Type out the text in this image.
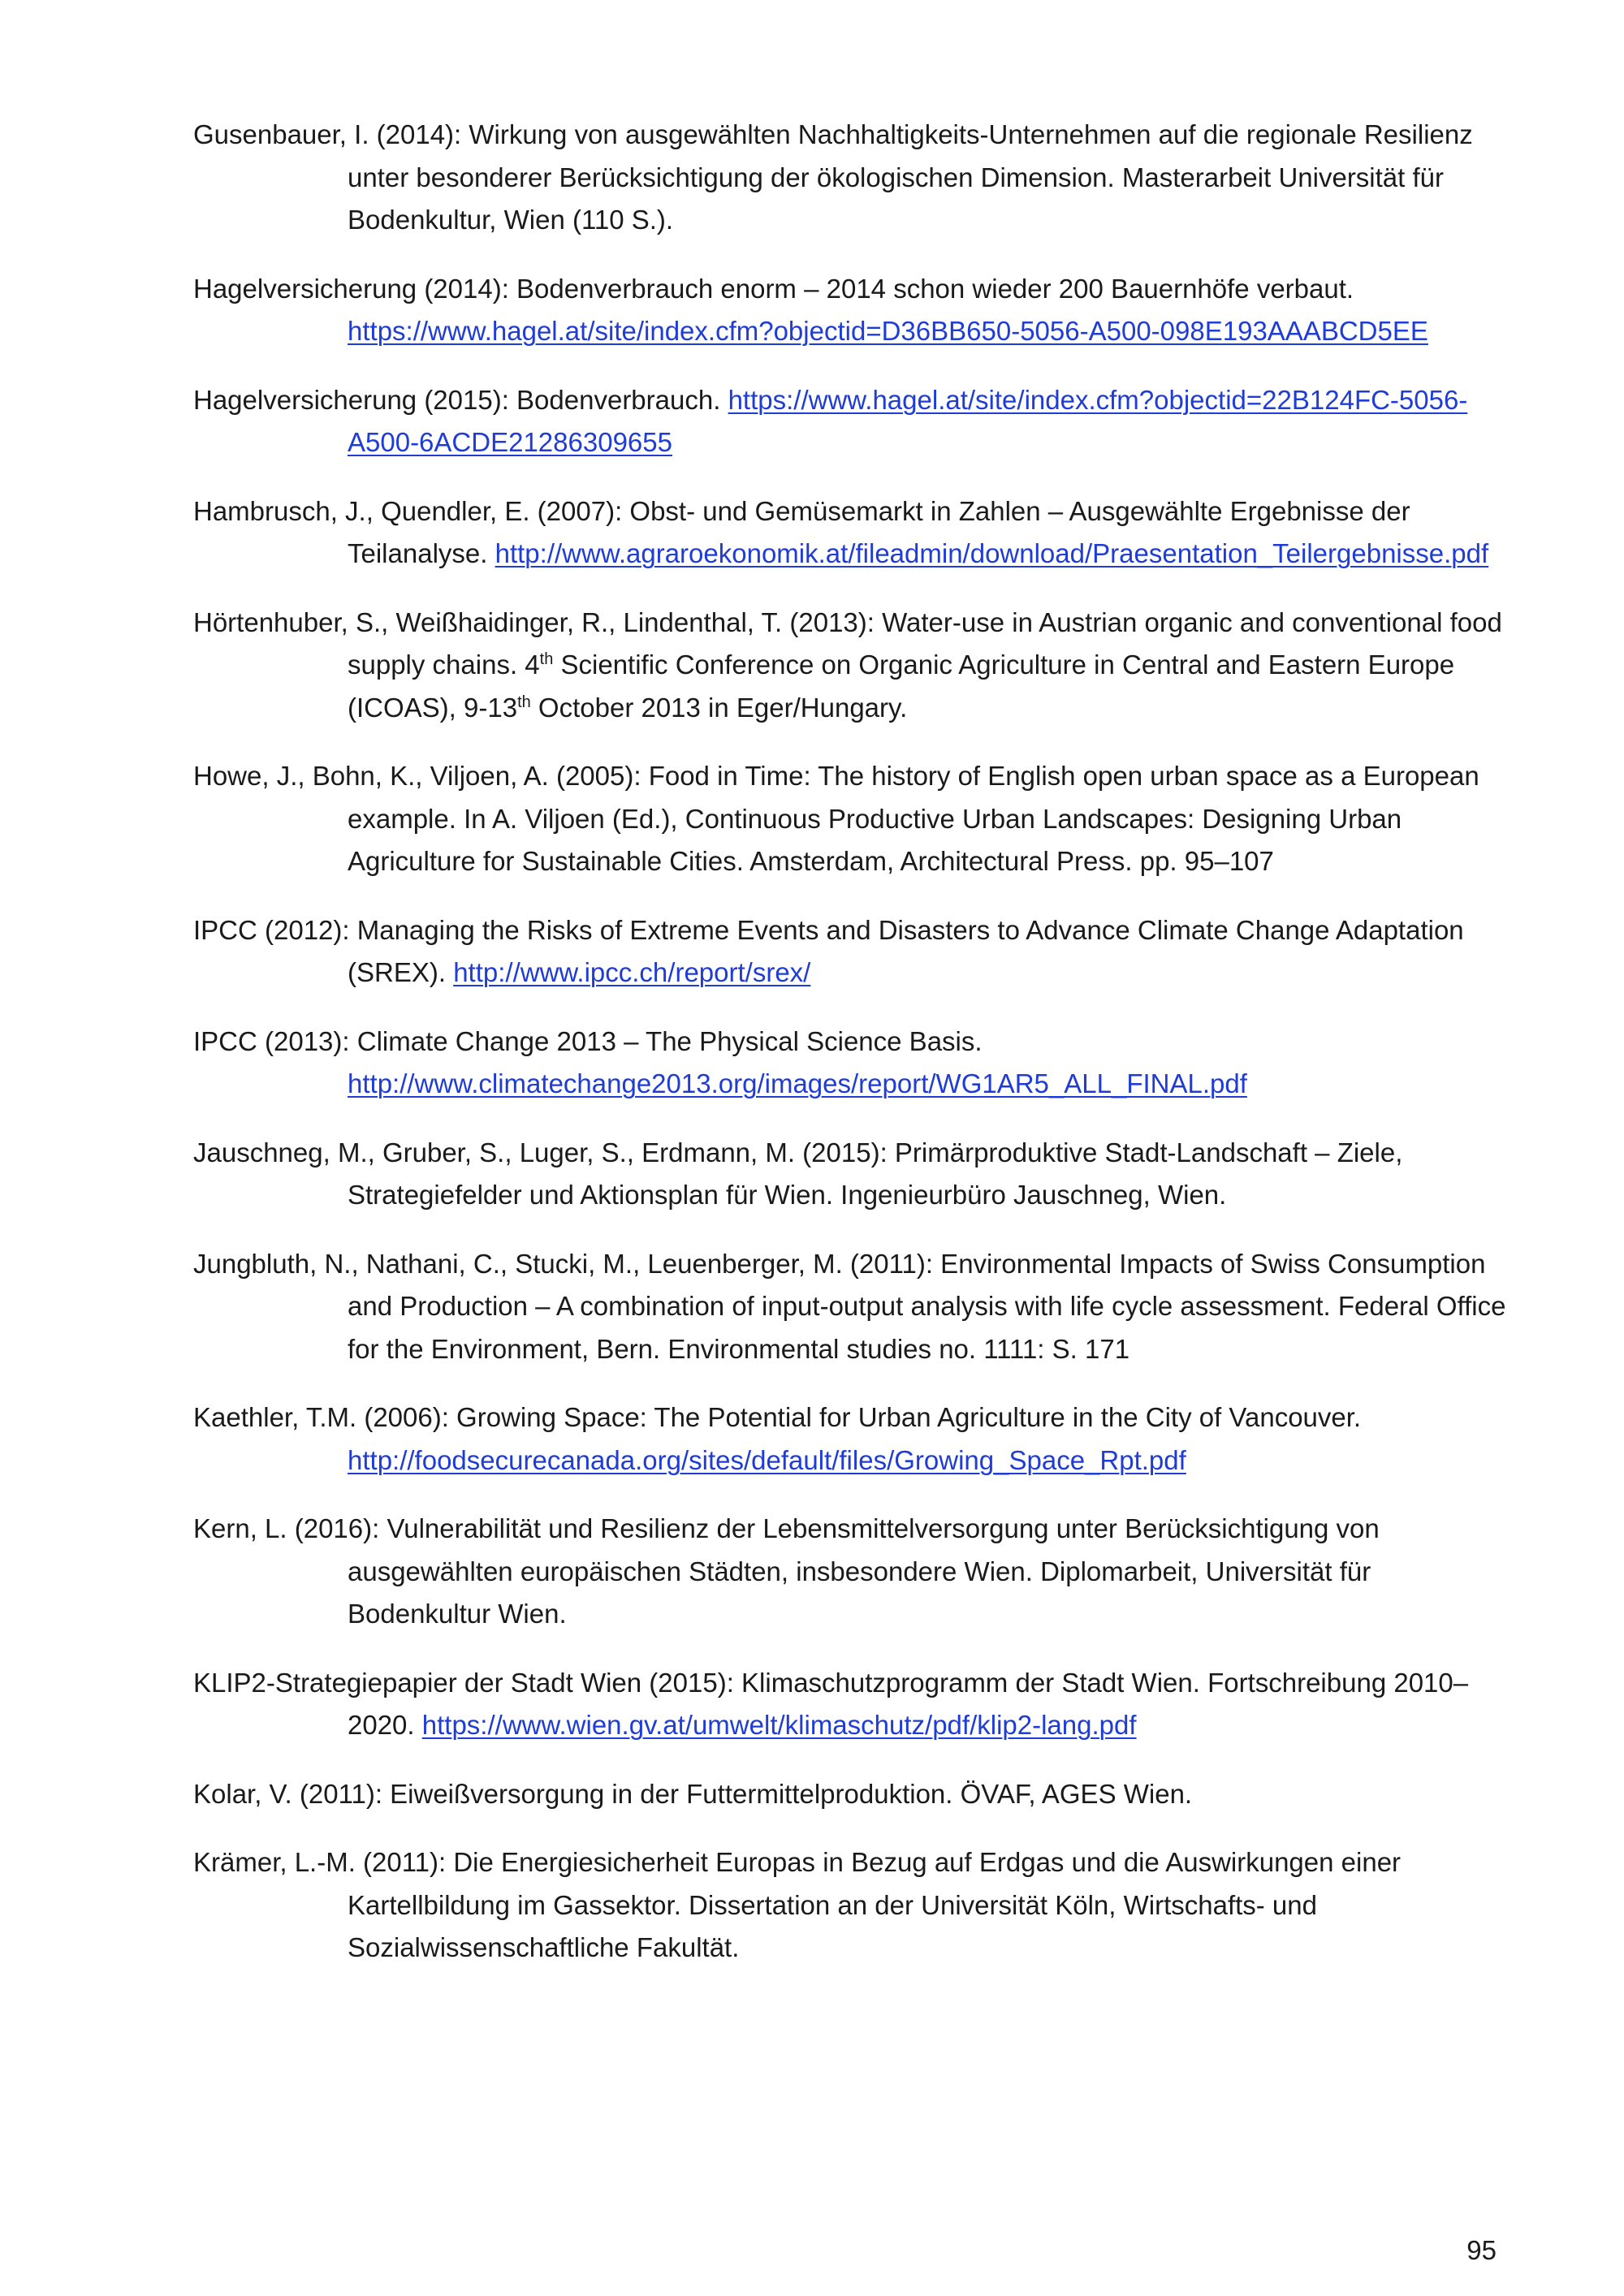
Gusenbauer, I. (2014): Wirkung von ausgewählten Nachhaltigkeits-Unternehmen auf die regionale Resilienz unter besonderer Berücksichtigung der ökologischen Dimension. Masterarbeit Universität für Bodenkultur, Wien (110 S.).

Hagelversicherung (2014): Bodenverbrauch enorm – 2014 schon wieder 200 Bauernhöfe verbaut. https://www.hagel.at/site/index.cfm?objectid=D36BB650-5056-A500-098E193AAABCD5EE

Hagelversicherung (2015): Bodenverbrauch. https://www.hagel.at/site/index.cfm?objectid=22B124FC-5056-A500-6ACDE21286309655

Hambrusch, J., Quendler, E. (2007): Obst- und Gemüsemarkt in Zahlen – Ausgewählte Ergebnisse der Teilanalyse. http://www.agraroekonomik.at/fileadmin/download/Praesentation_Teilergebnisse.pdf

Hörtenhuber, S., Weißhaidinger, R., Lindenthal, T. (2013): Water-use in Austrian organic and conventional food supply chains. 4th Scientific Conference on Organic Agriculture in Central and Eastern Europe (ICOAS), 9-13th October 2013 in Eger/Hungary.

Howe, J., Bohn, K., Viljoen, A. (2005): Food in Time: The history of English open urban space as a European example. In A. Viljoen (Ed.), Continuous Productive Urban Landscapes: Designing Urban Agriculture for Sustainable Cities. Amsterdam, Architectural Press. pp. 95–107

IPCC (2012): Managing the Risks of Extreme Events and Disasters to Advance Climate Change Adaptation (SREX). http://www.ipcc.ch/report/srex/

IPCC (2013): Climate Change 2013 – The Physical Science Basis. http://www.climatechange2013.org/images/report/WG1AR5_ALL_FINAL.pdf

Jauschneg, M., Gruber, S., Luger, S., Erdmann, M. (2015): Primärproduktive Stadt-Landschaft – Ziele, Strategiefelder und Aktionsplan für Wien. Ingenieurbüro Jauschneg, Wien.

Jungbluth, N., Nathani, C., Stucki, M., Leuenberger, M. (2011): Environmental Impacts of Swiss Consumption and Production – A combination of input-output analysis with life cycle assessment. Federal Office for the Environment, Bern. Environmental studies no. 1111: S. 171

Kaethler, T.M. (2006): Growing Space: The Potential for Urban Agriculture in the City of Vancouver. http://foodsecurecanada.org/sites/default/files/Growing_Space_Rpt.pdf

Kern, L. (2016): Vulnerabilität und Resilienz der Lebensmittelversorgung unter Berücksichtigung von ausgewählten europäischen Städten, insbesondere Wien. Diplomarbeit, Universität für Bodenkultur Wien.

KLIP2-Strategiepapier der Stadt Wien (2015): Klimaschutzprogramm der Stadt Wien. Fortschreibung 2010–2020. https://www.wien.gv.at/umwelt/klimaschutz/pdf/klip2-lang.pdf

Kolar, V. (2011): Eiweißversorgung in der Futtermittelproduktion. ÖVAF, AGES Wien.

Krämer, L.-M. (2011): Die Energiesicherheit Europas in Bezug auf Erdgas und die Auswirkungen einer Kartellbildung im Gassektor. Dissertation an der Universität Köln, Wirtschafts- und Sozialwissenschaftliche Fakultät.

95
